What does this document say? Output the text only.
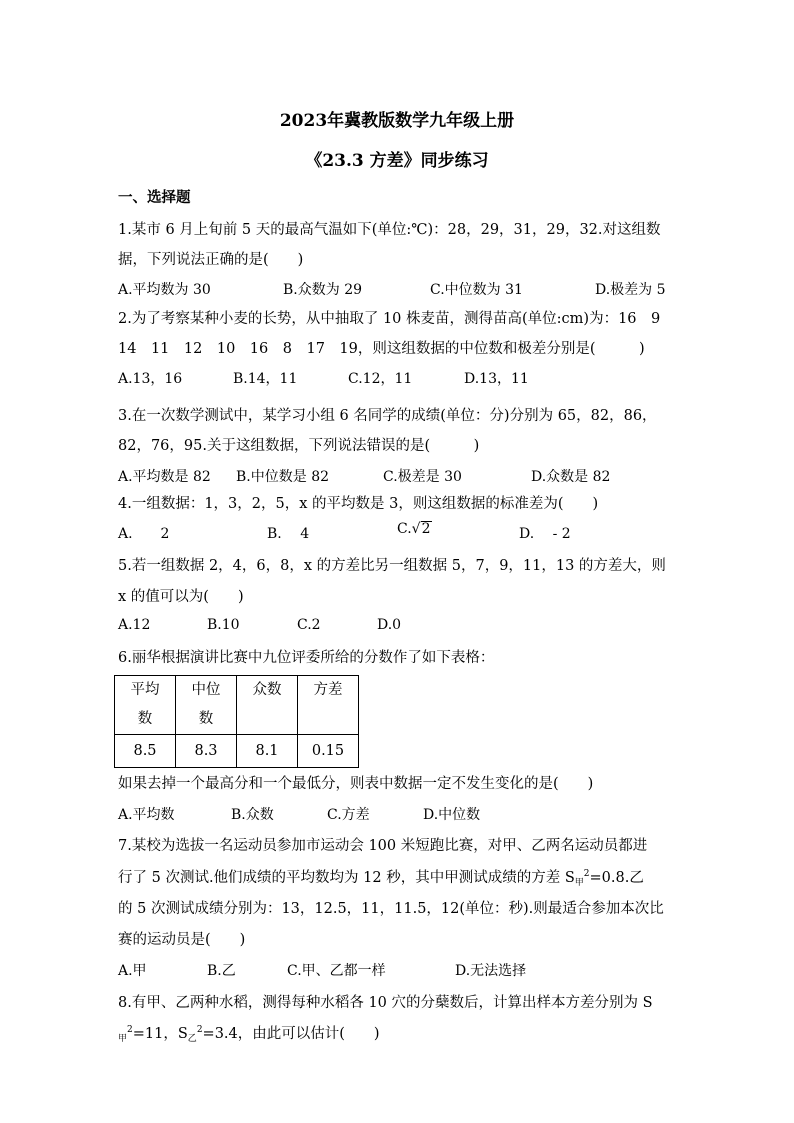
2023年冀教版数学九年级上册
《23.3 方差》同步练习
一、选择题
1.某市 6 月上旬前 5 天的最高气温如下(单位:℃)：28，29，31，29，32.对这组数
据，下列说法正确的是(　　)
A.平均数为 30	B.众数为 29	C.中位数为 31	D.极差为 5
2.为了考察某种小麦的长势，从中抽取了 10 株麦苗，测得苗高(单位:cm)为：16　9
14　11　12　10　16　8　17　19，则这组数据的中位数和极差分别是(　　　)
A.13，16	B.14，11	C.12，11	D.13，11
3.在一次数学测试中，某学习小组 6 名同学的成绩(单位：分)分别为 65，82，86，
82，76，95.关于这组数据，下列说法错误的是(　　　)
A.平均数是 82 B.中位数是 82	C.极差是 30	D.众数是 82
4.一组数据：1，3，2，5，x 的平均数是 3，则这组数据的标准差为(　　)
A.　　2	B.　 4	C.√2	D.　 - 2
5.若一组数据 2，4，6，8，x 的方差比另一组数据 5，7，9，11，13 的方差大，则
x 的值可以为(　　)
A.12	B.10	C.2	D.0
6.丽华根据演讲比赛中九位评委所给的分数作了如下表格：
平均
数	中位
数	众数	方差
8.5	8.3	8.1	0.15
如果去掉一个最高分和一个最低分，则表中数据一定不发生变化的是(　　)
A.平均数	B.众数	C.方差	D.中位数
7.某校为选拔一名运动员参加市运动会 100 米短跑比赛，对甲、乙两名运动员都进
行了 5 次测试.他们成绩的平均数均为 12 秒，其中甲测试成绩的方差 $S_甲^2=0.8$.乙
的 5 次测试成绩分别为：13，12.5，11，11.5，12(单位：秒).则最适合参加本次比
赛的运动员是(　　)
A.甲	B.乙	C.甲、乙都一样	D.无法选择
8.有甲、乙两种水稻，测得每种水稻各 10 穴的分蘖数后，计算出样本方差分别为 S
$_甲^2$=11，$S_乙^2=3.4$，由此可以估计(　　)
